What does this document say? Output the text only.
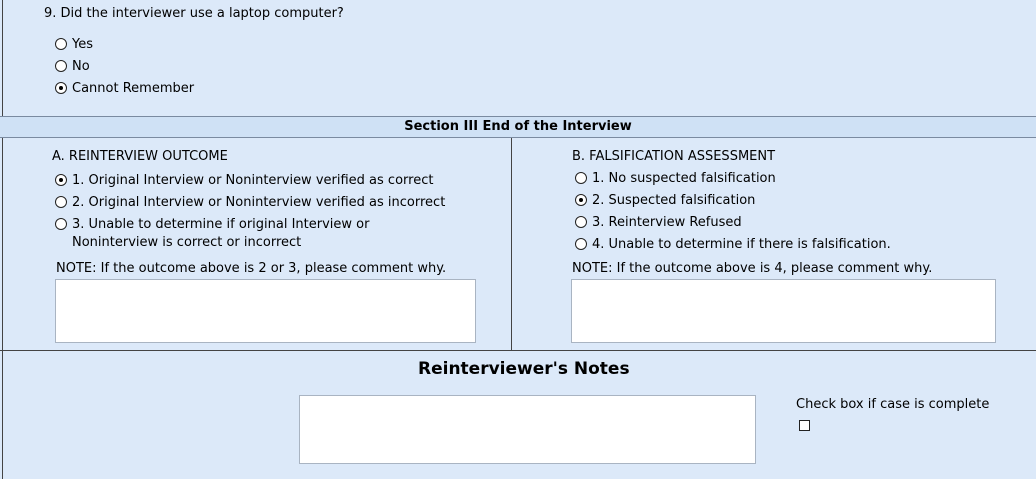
9. Did the interviewer use a laptop computer?
Yes
No
Cannot Remember
Section III End of the Interview
A. REINTERVIEW OUTCOME
1. Original Interview or Noninterview verified as correct
2. Original Interview or Noninterview verified as incorrect
3. Unable to determine if original Interview or
Noninterview is correct or incorrect
NOTE: If the outcome above is 2 or 3, please comment why.
B. FALSIFICATION ASSESSMENT
1. No suspected falsification
2. Suspected falsification
3. Reinterview Refused
4. Unable to determine if there is falsification.
NOTE: If the outcome above is 4, please comment why.
Reinterviewer's Notes
Check box if case is complete
